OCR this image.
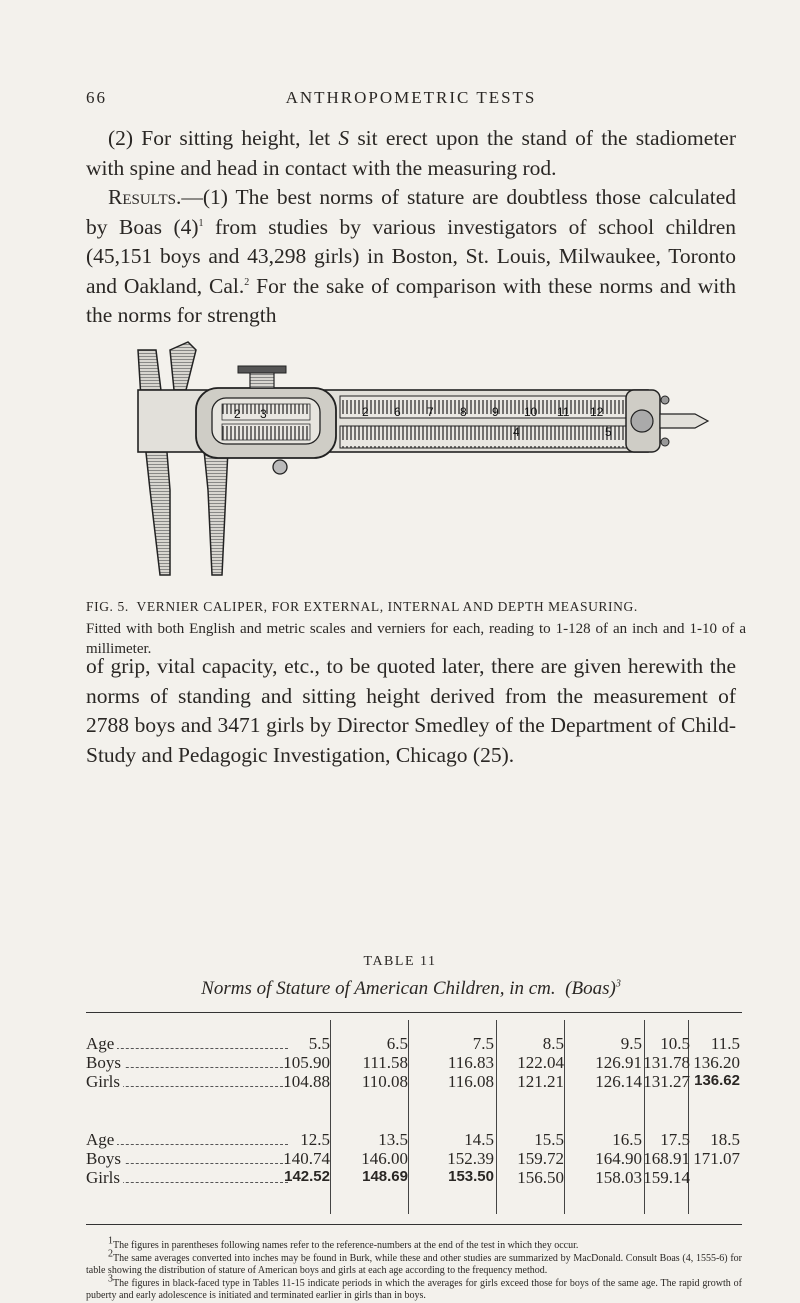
66	ANTHROPOMETRIC TESTS

(2) For sitting height, let S sit erect upon the stand of the stadiometer with spine and head in contact with the measuring rod.

Results.—(1) The best norms of stature are doubtless those calculated by Boas $(4)^1$ from studies by various investigators of school children (45,151 boys and 43,298 girls) in Boston, St. Louis, Milwaukee, Toronto and Oakland, Cal.$^2$ For the sake of comparison with these norms and with the norms for strength

2 6 7 8 9 10 11 12
2 3
4	5
FIG. 5. VERNIER CALIPER, FOR EXTERNAL, INTERNAL AND DEPTH MEASURING.
Fitted with both English and metric scales and verniers for each, reading to 1-128 of an inch and 1-10 of a millimeter.

of grip, vital capacity, etc., to be quoted later, there are given herewith the norms of standing and sitting height derived from the measurement of 2788 boys and 3471 girls by Director Smedley of the Department of Child-Study and Pedagogic Investigation, Chicago (25).

TABLE 11
Norms of Stature of American Children, in cm. (Boas)$^3$
Age	5.5	6.5	7.5	8.5	9.5	10.5	11.5
Boys	105.90	111.58	116.83	122.04	126.91 131.78 136.20
Girls	104.88	110.08	116.08	121.21	126.14 131.27 136.62
Age	12.5	13.5	14.5	15.5	16.5	17.5	18.5
Boys	140.74	146.00	152.39	159.72	164.90 168.91 171.07
Girls	142.52	148.69	153.50	156.50	158.03 159.14

$^1$The figures in parentheses following names refer to the reference-numbers at the end of the test in which they occur.

$^2$The same averages converted into inches may be found in Burk, while these and other studies are summarized by MacDonald. Consult Boas (4, 1555-6) for table showing the distribution of stature of American boys and girls at each age according to the frequency method.

$^3$The figures in black-faced type in Tables 11-15 indicate periods in which the averages for girls exceed those for boys of the same age. The rapid growth of puberty and early adolescence is initiated and terminated earlier in girls than in boys.
